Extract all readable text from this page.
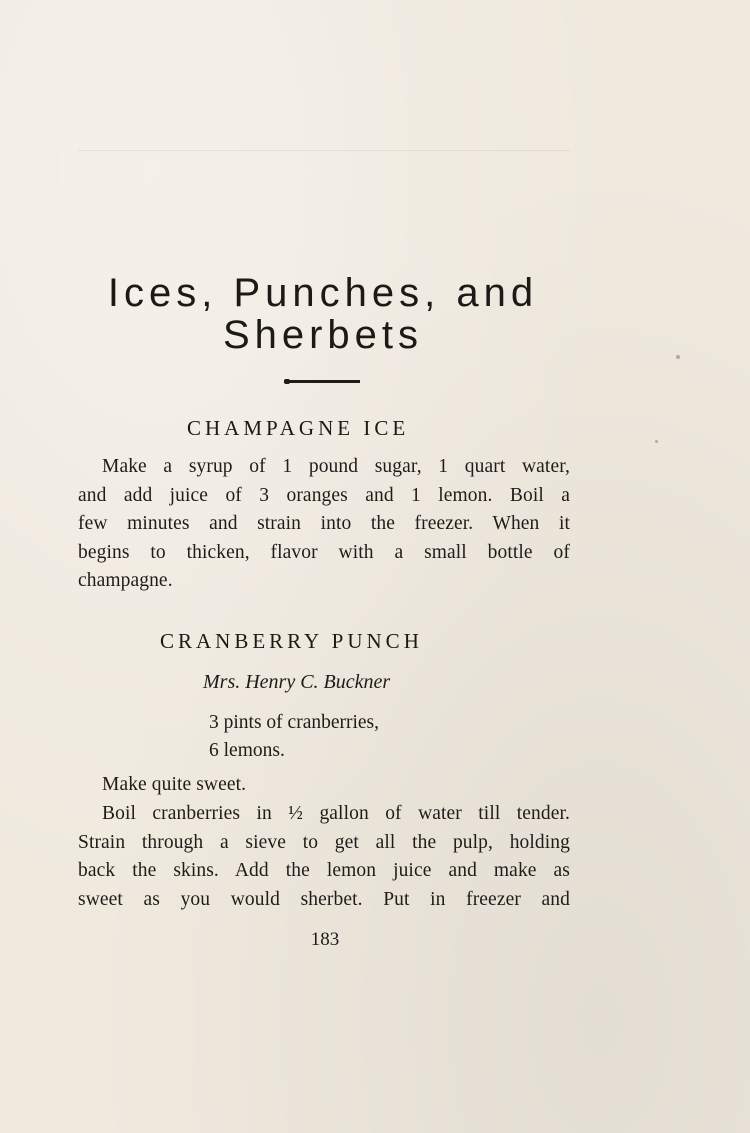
Ices, Punches, and
Sherbets
CHAMPAGNE ICE
Make a syrup of 1 pound sugar, 1 quart water,
and add juice of 3 oranges and 1 lemon. Boil a
few minutes and strain into the freezer. When it
begins to thicken, flavor with a small bottle of
champagne.
CRANBERRY PUNCH
Mrs. Henry C. Buckner
3 pints of cranberries,
6 lemons.
Make quite sweet.
Boil cranberries in ½ gallon of water till tender.
Strain through a sieve to get all the pulp, holding
back the skins. Add the lemon juice and make as
sweet as you would sherbet. Put in freezer and
183
